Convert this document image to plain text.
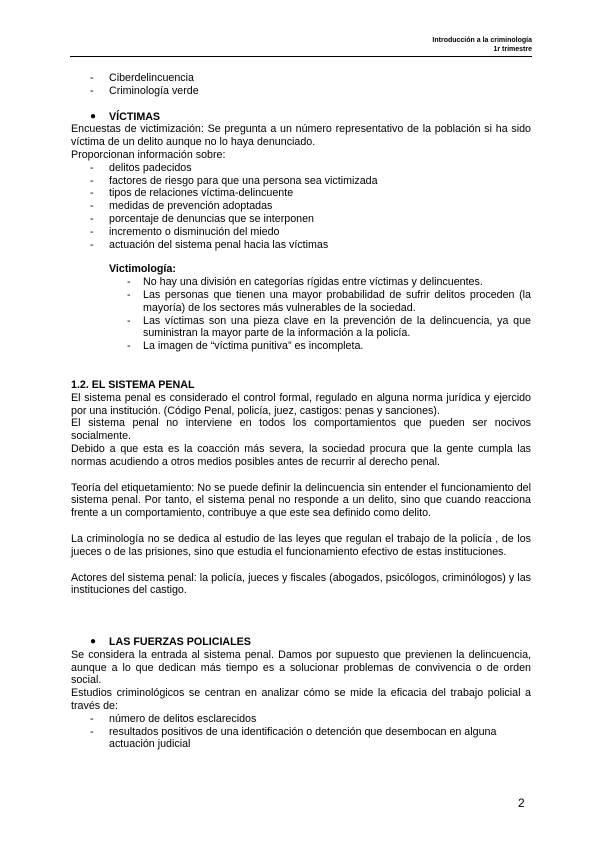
Introducción a la criminología
1r trimestre
- Ciberdelincuencia
- Criminología verde
● VÍCTIMAS

Encuestas de victimización: Se pregunta a un número representativo de la población si ha sido víctima de un delito aunque no lo haya denunciado.

Proporcionan información sobre:

- delitos padecidos
- factores de riesgo para que una persona sea victimizada
- tipos de relaciones víctima-delincuente
- medidas de prevención adoptadas
- porcentaje de denuncias que se interponen
- incremento o disminución del miedo
- actuación del sistema penal hacia las víctimas
Victimología:
- No hay una división en categorías rígidas entre víctimas y delincuentes.
- Las personas que tienen una mayor probabilidad de sufrir delitos proceden (la mayoría) de los sectores más vulnerables de la sociedad.
- Las víctimas son una pieza clave en la prevención de la delincuencia, ya que suministran la mayor parte de la información a la policía.
- La imagen de “víctima punitiva” es incompleta.
1.2. EL SISTEMA PENAL

El sistema penal es considerado el control formal, regulado en alguna norma jurídica y ejercido por una institución. (Código Penal, policía, juez, castigos: penas y sanciones).

El sistema penal no interviene en todos los comportamientos que pueden ser nocivos socialmente.

Debido a que esta es la coacción más severa, la sociedad procura que la gente cumpla las normas acudiendo a otros medios posibles antes de recurrir al derecho penal.

Teoría del etiquetamiento: No se puede definir la delincuencia sin entender el funcionamiento del sistema penal. Por tanto, el sistema penal no responde a un delito, sino que cuando reacciona frente a un comportamiento, contribuye a que este sea definido como delito.

La criminología no se dedica al estudio de las leyes que regulan el trabajo de la policía , de los jueces o de las prisiones, sino que estudia el funcionamiento efectivo de estas instituciones.

Actores del sistema penal: la policía, jueces y fiscales (abogados, psicólogos, criminólogos) y las instituciones del castigo.

● LAS FUERZAS POLICIALES

Se considera la entrada al sistema penal. Damos por supuesto que previenen la delincuencia, aunque a lo que dedican más tiempo es a solucionar problemas de convivencia o de orden social.

Estudios criminológicos se centran en analizar cómo se mide la eficacia del trabajo policial a través de:

- número de delitos esclarecidos
- resultados positivos de una identificación o detención que desembocan en alguna actuación judicial
2
